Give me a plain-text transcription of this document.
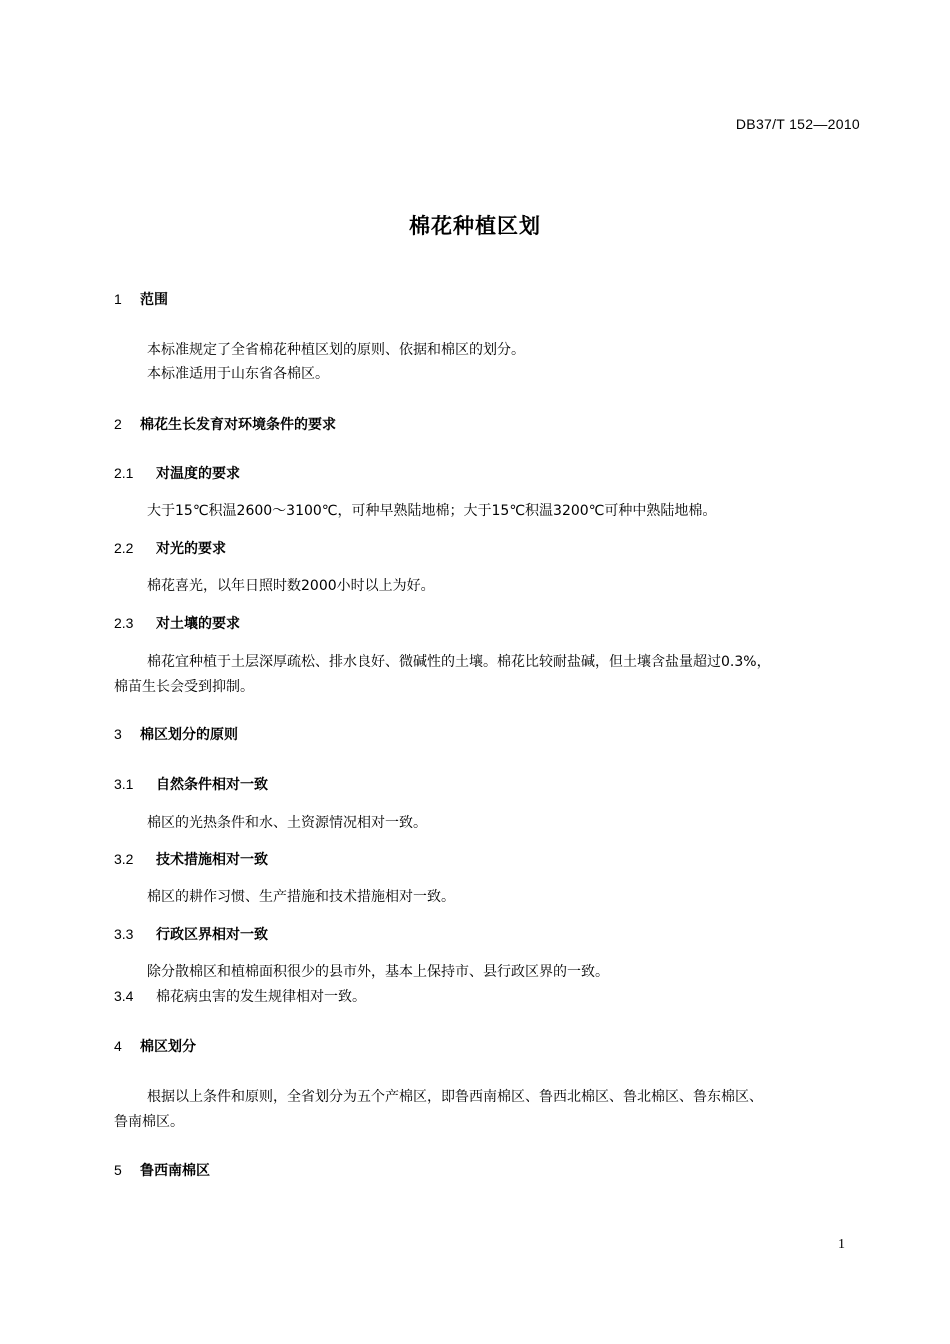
DB37/T 152—2010
棉花种植区划
1 范围
本标准规定了全省棉花种植区划的原则、依据和棉区的划分。
本标准适用于山东省各棉区。
2 棉花生长发育对环境条件的要求
2.1 对温度的要求
大于15℃积温2600～3100℃，可种早熟陆地棉；大于15℃积温3200℃可种中熟陆地棉。
2.2 对光的要求
棉花喜光，以年日照时数2000小时以上为好。
2.3 对土壤的要求
棉花宜种植于土层深厚疏松、排水良好、微碱性的土壤。棉花比较耐盐碱，但土壤含盐量超过0.3%，
棉苗生长会受到抑制。
3 棉区划分的原则
3.1 自然条件相对一致
棉区的光热条件和水、土资源情况相对一致。
3.2 技术措施相对一致
棉区的耕作习惯、生产措施和技术措施相对一致。
3.3 行政区界相对一致
除分散棉区和植棉面积很少的县市外，基本上保持市、县行政区界的一致。
3.4 棉花病虫害的发生规律相对一致。
4 棉区划分
根据以上条件和原则，全省划分为五个产棉区，即鲁西南棉区、鲁西北棉区、鲁北棉区、鲁东棉区、
鲁南棉区。
5 鲁西南棉区
1
